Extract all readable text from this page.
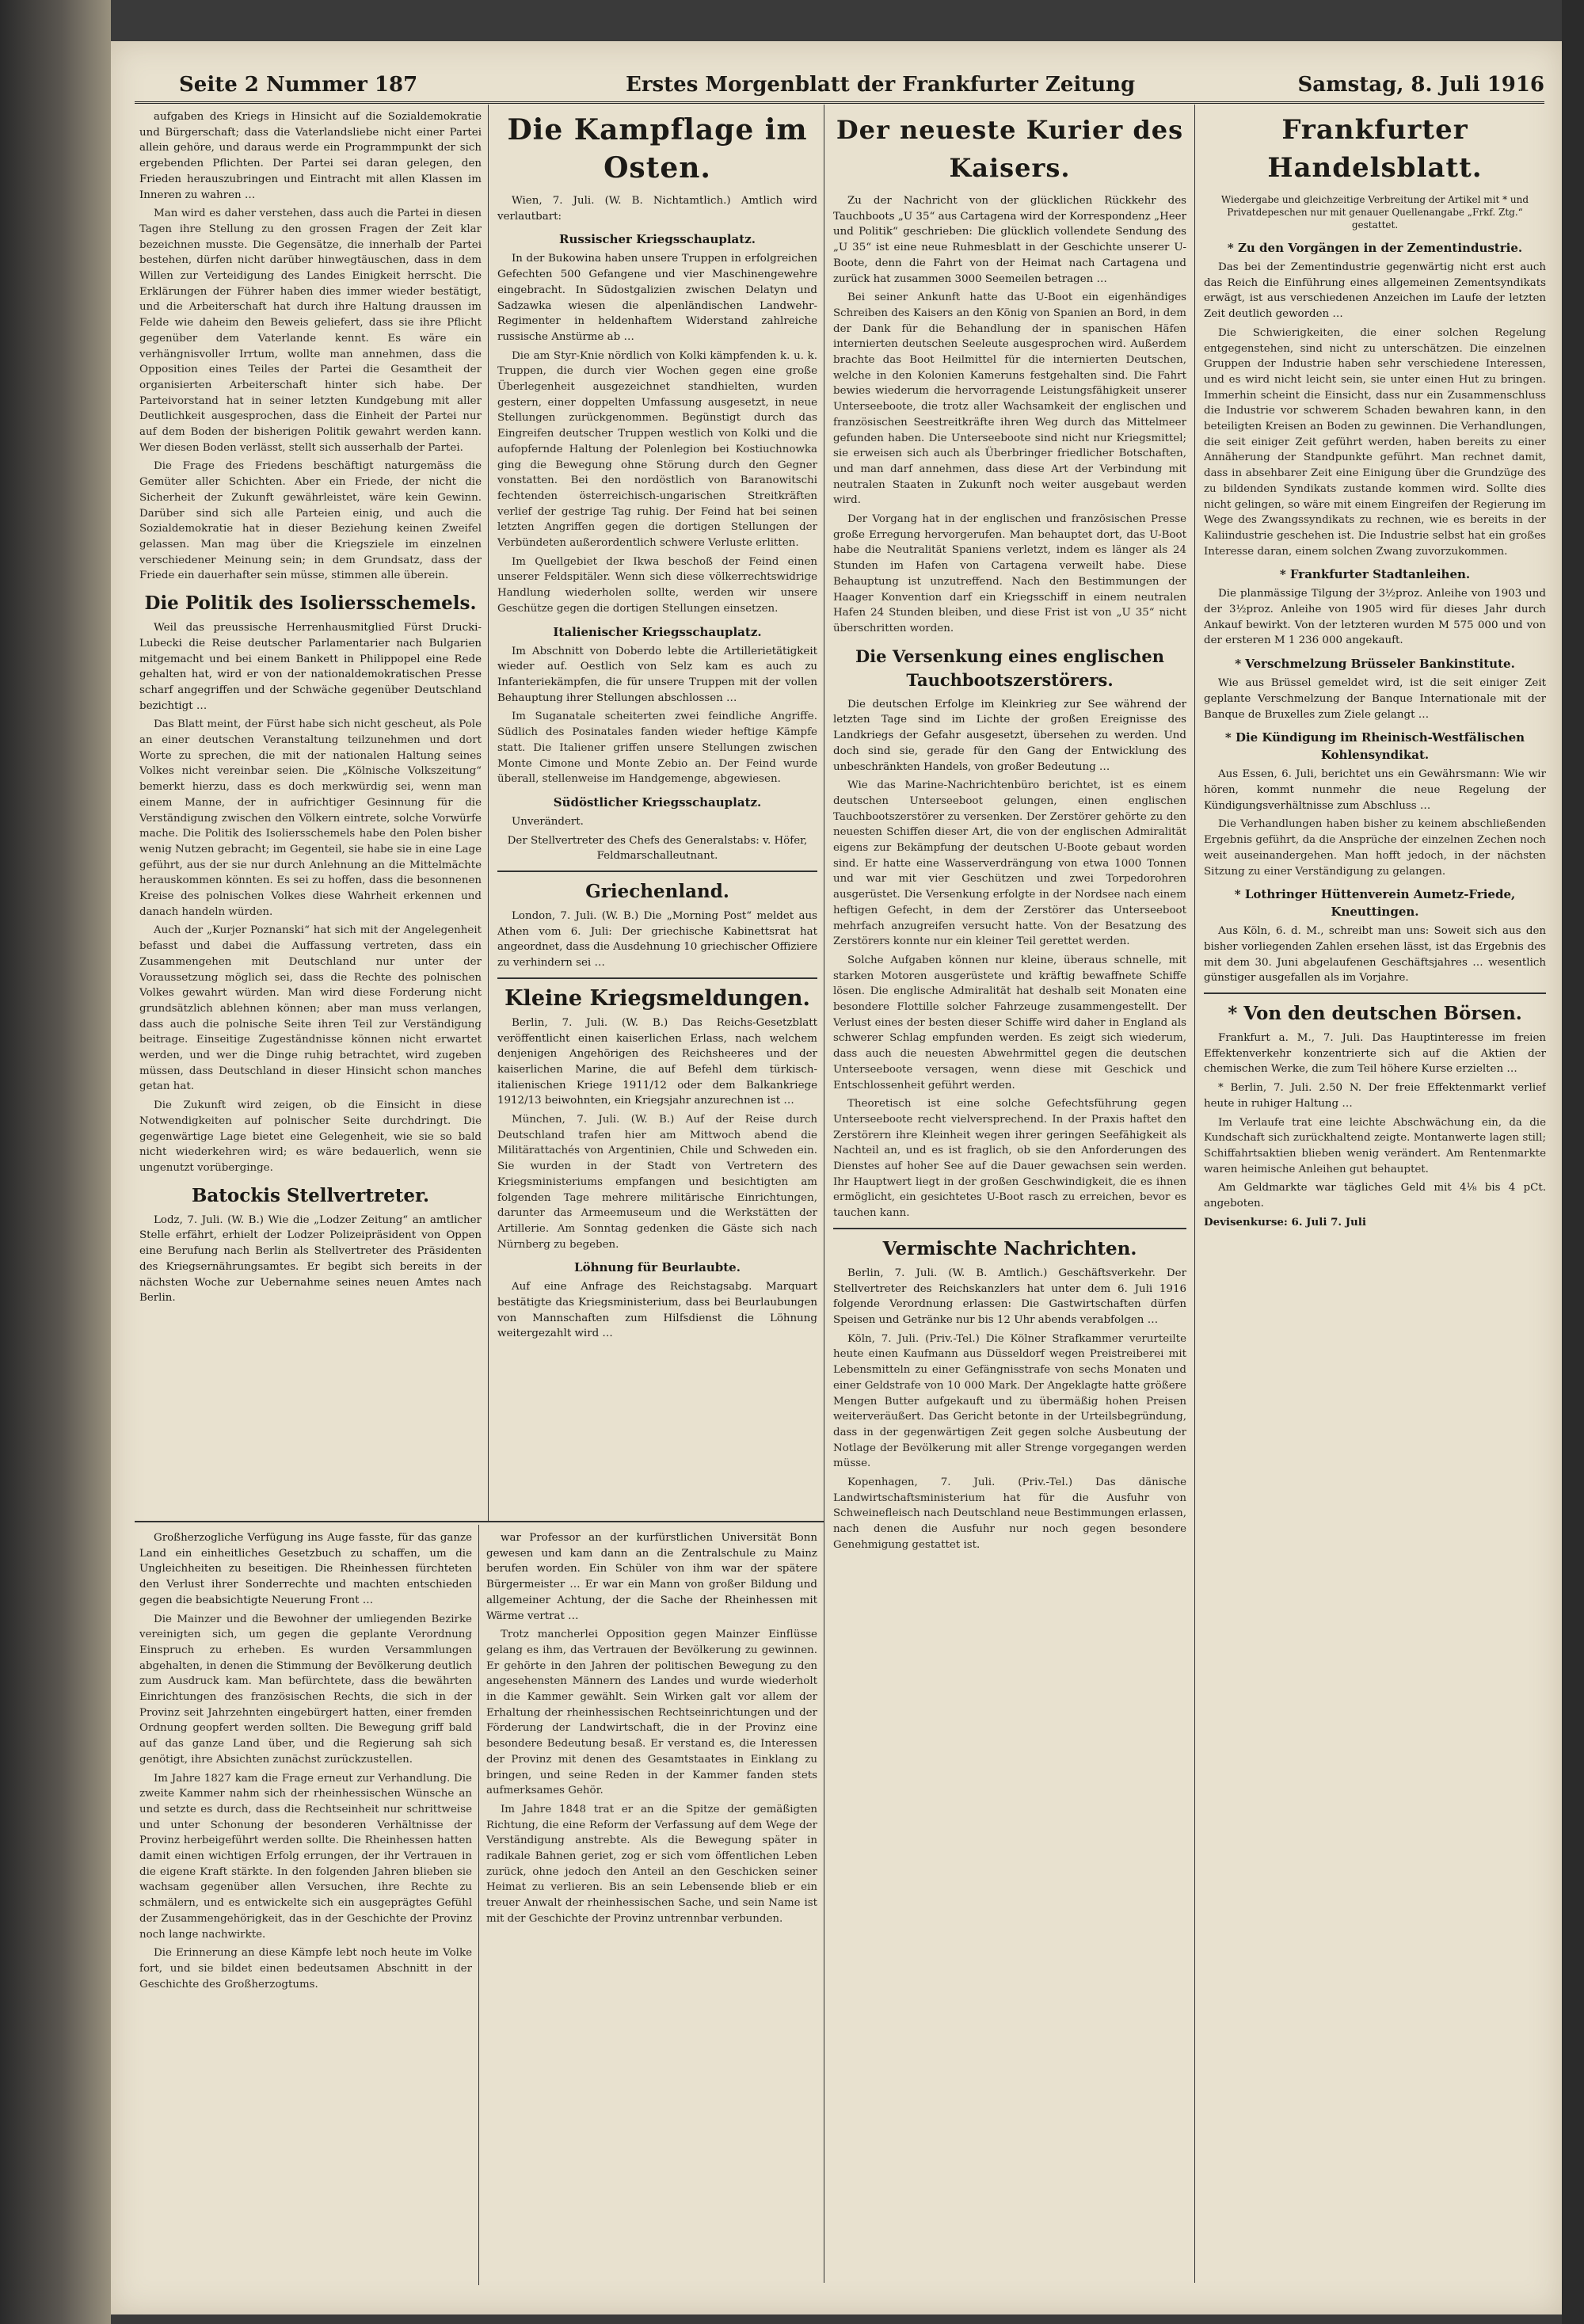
Seite 2 Nummer 187	Erstes Morgenblatt der Frankfurter Zeitung	Samstag, 8. Juli 1916

aufgaben des Kriegs in Hinsicht auf die Sozialdemokratie und Bürgerschaft; dass die Vaterlandsliebe nicht einer Partei allein gehöre, und daraus werde ein Programmpunkt der sich ergebenden Pflichten. Der Partei sei daran gelegen, den Frieden herauszubringen und Eintracht mit allen Klassen im Inneren zu wahren …

Man wird es daher verstehen, dass auch die Partei in diesen Tagen ihre Stellung zu den grossen Fragen der Zeit klar bezeichnen musste. Die Gegensätze, die innerhalb der Partei bestehen, dürfen nicht darüber hinwegtäuschen, dass in dem Willen zur Verteidigung des Landes Einigkeit herrscht. Die Erklärungen der Führer haben dies immer wieder bestätigt, und die Arbeiterschaft hat durch ihre Haltung draussen im Felde wie daheim den Beweis geliefert, dass sie ihre Pflicht gegenüber dem Vaterlande kennt. Es wäre ein verhängnisvoller Irrtum, wollte man annehmen, dass die Opposition eines Teiles der Partei die Gesamtheit der organisierten Arbeiterschaft hinter sich habe. Der Parteivorstand hat in seiner letzten Kundgebung mit aller Deutlichkeit ausgesprochen, dass die Einheit der Partei nur auf dem Boden der bisherigen Politik gewahrt werden kann. Wer diesen Boden verlässt, stellt sich ausserhalb der Partei.

Die Frage des Friedens beschäftigt naturgemäss die Gemüter aller Schichten. Aber ein Friede, der nicht die Sicherheit der Zukunft gewährleistet, wäre kein Gewinn. Darüber sind sich alle Parteien einig, und auch die Sozialdemokratie hat in dieser Beziehung keinen Zweifel gelassen. Man mag über die Kriegsziele im einzelnen verschiedener Meinung sein; in dem Grundsatz, dass der Friede ein dauerhafter sein müsse, stimmen alle überein.

Die Politik des Isoliersschemels.

Weil das preussische Herrenhausmitglied Fürst Drucki-Lubecki die Reise deutscher Parlamentarier nach Bulgarien mitgemacht und bei einem Bankett in Philippopel eine Rede gehalten hat, wird er von der nationaldemokratischen Presse scharf angegriffen und der Schwäche gegenüber Deutschland bezichtigt …

Das Blatt meint, der Fürst habe sich nicht gescheut, als Pole an einer deutschen Veranstaltung teilzunehmen und dort Worte zu sprechen, die mit der nationalen Haltung seines Volkes nicht vereinbar seien. Die „Kölnische Volkszeitung“ bemerkt hierzu, dass es doch merkwürdig sei, wenn man einem Manne, der in aufrichtiger Gesinnung für die Verständigung zwischen den Völkern eintrete, solche Vorwürfe mache. Die Politik des Isoliersschemels habe den Polen bisher wenig Nutzen gebracht; im Gegenteil, sie habe sie in eine Lage geführt, aus der sie nur durch Anlehnung an die Mittelmächte herauskommen könnten. Es sei zu hoffen, dass die besonnenen Kreise des polnischen Volkes diese Wahrheit erkennen und danach handeln würden.

Auch der „Kurjer Poznanski“ hat sich mit der Angelegenheit befasst und dabei die Auffassung vertreten, dass ein Zusammengehen mit Deutschland nur unter der Voraussetzung möglich sei, dass die Rechte des polnischen Volkes gewahrt würden. Man wird diese Forderung nicht grundsätzlich ablehnen können; aber man muss verlangen, dass auch die polnische Seite ihren Teil zur Verständigung beitrage. Einseitige Zugeständnisse können nicht erwartet werden, und wer die Dinge ruhig betrachtet, wird zugeben müssen, dass Deutschland in dieser Hinsicht schon manches getan hat.

Die Zukunft wird zeigen, ob die Einsicht in diese Notwendigkeiten auf polnischer Seite durchdringt. Die gegenwärtige Lage bietet eine Gelegenheit, wie sie so bald nicht wiederkehren wird; es wäre bedauerlich, wenn sie ungenutzt vorüberginge.

Batockis Stellvertreter.

Lodz, 7. Juli. (W. B.) Wie die „Lodzer Zeitung“ an amtlicher Stelle erfährt, erhielt der Lodzer Polizeipräsident von Oppen eine Berufung nach Berlin als Stellvertreter des Präsidenten des Kriegsernährungsamtes. Er begibt sich bereits in der nächsten Woche zur Uebernahme seines neuen Amtes nach Berlin.

Die Kampflage im Osten.

Wien, 7. Juli. (W. B. Nichtamtlich.) Amtlich wird verlautbart:

Russischer Kriegsschauplatz.

In der Bukowina haben unsere Truppen in erfolgreichen Gefechten 500 Gefangene und vier Maschinengewehre eingebracht. In Südostgalizien zwischen Delatyn und Sadzawka wiesen die alpenländischen Landwehr-Regimenter in heldenhaftem Widerstand zahlreiche russische Anstürme ab …

Die am Styr-Knie nördlich von Kolki kämpfenden k. u. k. Truppen, die durch vier Wochen gegen eine große Überlegenheit ausgezeichnet standhielten, wurden gestern, einer doppelten Umfassung ausgesetzt, in neue Stellungen zurückgenommen. Begünstigt durch das Eingreifen deutscher Truppen westlich von Kolki und die aufopfernde Haltung der Polenlegion bei Kostiuchnowka ging die Bewegung ohne Störung durch den Gegner vonstatten. Bei den nordöstlich von Baranowitschi fechtenden österreichisch-ungarischen Streitkräften verlief der gestrige Tag ruhig. Der Feind hat bei seinen letzten Angriffen gegen die dortigen Stellungen der Verbündeten außerordentlich schwere Verluste erlitten.

Im Quellgebiet der Ikwa beschoß der Feind einen unserer Feldspitäler. Wenn sich diese völkerrechtswidrige Handlung wiederholen sollte, werden wir unsere Geschütze gegen die dortigen Stellungen einsetzen.

Italienischer Kriegsschauplatz.

Im Abschnitt von Doberdo lebte die Artillerietätigkeit wieder auf. Oestlich von Selz kam es auch zu Infanteriekämpfen, die für unsere Truppen mit der vollen Behauptung ihrer Stellungen abschlossen …

Im Suganatale scheiterten zwei feindliche Angriffe. Südlich des Posinatales fanden wieder heftige Kämpfe statt. Die Italiener griffen unsere Stellungen zwischen Monte Cimone und Monte Zebio an. Der Feind wurde überall, stellenweise im Handgemenge, abgewiesen.

Südöstlicher Kriegsschauplatz.

Unverändert.

Der Stellvertreter des Chefs des Generalstabs: v. Höfer, Feldmarschalleutnant.

Griechenland.

London, 7. Juli. (W. B.) Die „Morning Post“ meldet aus Athen vom 6. Juli: Der griechische Kabinettsrat hat angeordnet, dass die Ausdehnung 10 griechischer Offiziere zu verhindern sei …

Kleine Kriegsmeldungen.

Berlin, 7. Juli. (W. B.) Das Reichs-Gesetzblatt veröffentlicht einen kaiserlichen Erlass, nach welchem denjenigen Angehörigen des Reichsheeres und der kaiserlichen Marine, die auf Befehl dem türkisch-italienischen Kriege 1911/12 oder dem Balkankriege 1912/13 beiwohnten, ein Kriegsjahr anzurechnen ist …

München, 7. Juli. (W. B.) Auf der Reise durch Deutschland trafen hier am Mittwoch abend die Militärattachés von Argentinien, Chile und Schweden ein. Sie wurden in der Stadt von Vertretern des Kriegsministeriums empfangen und besichtigten am folgenden Tage mehrere militärische Einrichtungen, darunter das Armeemuseum und die Werkstätten der Artillerie. Am Sonntag gedenken die Gäste sich nach Nürnberg zu begeben.

Löhnung für Beurlaubte.

Auf eine Anfrage des Reichstagsabg. Marquart bestätigte das Kriegsministerium, dass bei Beurlaubungen von Mannschaften zum Hilfsdienst die Löhnung weitergezahlt wird …

Der neueste Kurier des Kaisers.

Zu der Nachricht von der glücklichen Rückkehr des Tauchboots „U 35“ aus Cartagena wird der Korrespondenz „Heer und Politik“ geschrieben: Die glücklich vollendete Sendung des „U 35“ ist eine neue Ruhmesblatt in der Geschichte unserer U-Boote, denn die Fahrt von der Heimat nach Cartagena und zurück hat zusammen 3000 Seemeilen betragen …

Bei seiner Ankunft hatte das U-Boot ein eigenhändiges Schreiben des Kaisers an den König von Spanien an Bord, in dem der Dank für die Behandlung der in spanischen Häfen internierten deutschen Seeleute ausgesprochen wird. Außerdem brachte das Boot Heilmittel für die internierten Deutschen, welche in den Kolonien Kameruns festgehalten sind. Die Fahrt bewies wiederum die hervorragende Leistungsfähigkeit unserer Unterseeboote, die trotz aller Wachsamkeit der englischen und französischen Seestreitkräfte ihren Weg durch das Mittelmeer gefunden haben. Die Unterseeboote sind nicht nur Kriegsmittel; sie erweisen sich auch als Überbringer friedlicher Botschaften, und man darf annehmen, dass diese Art der Verbindung mit neutralen Staaten in Zukunft noch weiter ausgebaut werden wird.

Der Vorgang hat in der englischen und französischen Presse große Erregung hervorgerufen. Man behauptet dort, das U-Boot habe die Neutralität Spaniens verletzt, indem es länger als 24 Stunden im Hafen von Cartagena verweilt habe. Diese Behauptung ist unzutreffend. Nach den Bestimmungen der Haager Konvention darf ein Kriegsschiff in einem neutralen Hafen 24 Stunden bleiben, und diese Frist ist von „U 35“ nicht überschritten worden.

Die Versenkung eines englischen Tauchbootszerstörers.

Die deutschen Erfolge im Kleinkrieg zur See während der letzten Tage sind im Lichte der großen Ereignisse des Landkriegs der Gefahr ausgesetzt, übersehen zu werden. Und doch sind sie, gerade für den Gang der Entwicklung des unbeschränkten Handels, von großer Bedeutung …

Wie das Marine-Nachrichtenbüro berichtet, ist es einem deutschen Unterseeboot gelungen, einen englischen Tauchbootszerstörer zu versenken. Der Zerstörer gehörte zu den neuesten Schiffen dieser Art, die von der englischen Admiralität eigens zur Bekämpfung der deutschen U-Boote gebaut worden sind. Er hatte eine Wasserverdrängung von etwa 1000 Tonnen und war mit vier Geschützen und zwei Torpedorohren ausgerüstet. Die Versenkung erfolgte in der Nordsee nach einem heftigen Gefecht, in dem der Zerstörer das Unterseeboot mehrfach anzugreifen versucht hatte. Von der Besatzung des Zerstörers konnte nur ein kleiner Teil gerettet werden.

Solche Aufgaben können nur kleine, überaus schnelle, mit starken Motoren ausgerüstete und kräftig bewaffnete Schiffe lösen. Die englische Admiralität hat deshalb seit Monaten eine besondere Flottille solcher Fahrzeuge zusammengestellt. Der Verlust eines der besten dieser Schiffe wird daher in England als schwerer Schlag empfunden werden. Es zeigt sich wiederum, dass auch die neuesten Abwehrmittel gegen die deutschen Unterseeboote versagen, wenn diese mit Geschick und Entschlossenheit geführt werden.

Theoretisch ist eine solche Gefechtsführung gegen Unterseeboote recht vielversprechend. In der Praxis haftet den Zerstörern ihre Kleinheit wegen ihrer geringen Seefähigkeit als Nachteil an, und es ist fraglich, ob sie den Anforderungen des Dienstes auf hoher See auf die Dauer gewachsen sein werden. Ihr Hauptwert liegt in der großen Geschwindigkeit, die es ihnen ermöglicht, ein gesichtetes U-Boot rasch zu erreichen, bevor es tauchen kann.

Vermischte Nachrichten.

Berlin, 7. Juli. (W. B. Amtlich.) Geschäftsverkehr. Der Stellvertreter des Reichskanzlers hat unter dem 6. Juli 1916 folgende Verordnung erlassen: Die Gastwirtschaften dürfen Speisen und Getränke nur bis 12 Uhr abends verabfolgen …

Köln, 7. Juli. (Priv.-Tel.) Die Kölner Strafkammer verurteilte heute einen Kaufmann aus Düsseldorf wegen Preistreiberei mit Lebensmitteln zu einer Gefängnisstrafe von sechs Monaten und einer Geldstrafe von 10 000 Mark. Der Angeklagte hatte größere Mengen Butter aufgekauft und zu übermäßig hohen Preisen weiterveräußert. Das Gericht betonte in der Urteilsbegründung, dass in der gegenwärtigen Zeit gegen solche Ausbeutung der Notlage der Bevölkerung mit aller Strenge vorgegangen werden müsse.

Kopenhagen, 7. Juli. (Priv.-Tel.) Das dänische Landwirtschaftsministerium hat für die Ausfuhr von Schweinefleisch nach Deutschland neue Bestimmungen erlassen, nach denen die Ausfuhr nur noch gegen besondere Genehmigung gestattet ist.

Frankfurter Handelsblatt.
Wiedergabe und gleichzeitige Verbreitung der Artikel mit * und Privatdepeschen nur mit genauer Quellenangabe „Frkf. Ztg.“ gestattet.
* Zu den Vorgängen in der Zementindustrie.

Das bei der Zementindustrie gegenwärtig nicht erst auch das Reich die Einführung eines allgemeinen Zementsyndikats erwägt, ist aus verschiedenen Anzeichen im Laufe der letzten Zeit deutlich geworden …

Die Schwierigkeiten, die einer solchen Regelung entgegenstehen, sind nicht zu unterschätzen. Die einzelnen Gruppen der Industrie haben sehr verschiedene Interessen, und es wird nicht leicht sein, sie unter einen Hut zu bringen. Immerhin scheint die Einsicht, dass nur ein Zusammenschluss die Industrie vor schwerem Schaden bewahren kann, in den beteiligten Kreisen an Boden zu gewinnen. Die Verhandlungen, die seit einiger Zeit geführt werden, haben bereits zu einer Annäherung der Standpunkte geführt. Man rechnet damit, dass in absehbarer Zeit eine Einigung über die Grundzüge des zu bildenden Syndikats zustande kommen wird. Sollte dies nicht gelingen, so wäre mit einem Eingreifen der Regierung im Wege des Zwangssyndikats zu rechnen, wie es bereits in der Kaliindustrie geschehen ist. Die Industrie selbst hat ein großes Interesse daran, einem solchen Zwang zuvorzukommen.

* Frankfurter Stadtanleihen.

Die planmässige Tilgung der 3½proz. Anleihe von 1903 und der 3½proz. Anleihe von 1905 wird für dieses Jahr durch Ankauf bewirkt. Von der letzteren wurden M 575 000 und von der ersteren M 1 236 000 angekauft.

* Verschmelzung Brüsseler Bankinstitute.

Wie aus Brüssel gemeldet wird, ist die seit einiger Zeit geplante Verschmelzung der Banque Internationale mit der Banque de Bruxelles zum Ziele gelangt …

* Die Kündigung im Rheinisch-Westfälischen Kohlensyndikat.

Aus Essen, 6. Juli, berichtet uns ein Gewährsmann: Wie wir hören, kommt nunmehr die neue Regelung der Kündigungsverhältnisse zum Abschluss …

Die Verhandlungen haben bisher zu keinem abschließenden Ergebnis geführt, da die Ansprüche der einzelnen Zechen noch weit auseinandergehen. Man hofft jedoch, in der nächsten Sitzung zu einer Verständigung zu gelangen.

* Lothringer Hüttenverein Aumetz-Friede, Kneuttingen.

Aus Köln, 6. d. M., schreibt man uns: Soweit sich aus den bisher vorliegenden Zahlen ersehen lässt, ist das Ergebnis des mit dem 30. Juni abgelaufenen Geschäftsjahres … wesentlich günstiger ausgefallen als im Vorjahre.

* Von den deutschen Börsen.

Frankfurt a. M., 7. Juli. Das Hauptinteresse im freien Effektenverkehr konzentrierte sich auf die Aktien der chemischen Werke, die zum Teil höhere Kurse erzielten …

* Berlin, 7. Juli. 2.50 N. Der freie Effektenmarkt verlief heute in ruhiger Haltung …

Im Verlaufe trat eine leichte Abschwächung ein, da die Kundschaft sich zurückhaltend zeigte. Montanwerte lagen still; Schiffahrtsaktien blieben wenig verändert. Am Rentenmarkte waren heimische Anleihen gut behauptet.

Am Geldmarkte war tägliches Geld mit 4⅛ bis 4 pCt. angeboten.

Devisenkurse: 6. Juli 7. Juli

Großherzogliche Verfügung ins Auge fasste, für das ganze Land ein einheitliches Gesetzbuch zu schaffen, um die Ungleichheiten zu beseitigen. Die Rheinhessen fürchteten den Verlust ihrer Sonderrechte und machten entschieden gegen die beabsichtigte Neuerung Front …

Die Mainzer und die Bewohner der umliegenden Bezirke vereinigten sich, um gegen die geplante Verordnung Einspruch zu erheben. Es wurden Versammlungen abgehalten, in denen die Stimmung der Bevölkerung deutlich zum Ausdruck kam. Man befürchtete, dass die bewährten Einrichtungen des französischen Rechts, die sich in der Provinz seit Jahrzehnten eingebürgert hatten, einer fremden Ordnung geopfert werden sollten. Die Bewegung griff bald auf das ganze Land über, und die Regierung sah sich genötigt, ihre Absichten zunächst zurückzustellen.

Im Jahre 1827 kam die Frage erneut zur Verhandlung. Die zweite Kammer nahm sich der rheinhessischen Wünsche an und setzte es durch, dass die Rechtseinheit nur schrittweise und unter Schonung der besonderen Verhältnisse der Provinz herbeigeführt werden sollte. Die Rheinhessen hatten damit einen wichtigen Erfolg errungen, der ihr Vertrauen in die eigene Kraft stärkte. In den folgenden Jahren blieben sie wachsam gegenüber allen Versuchen, ihre Rechte zu schmälern, und es entwickelte sich ein ausgeprägtes Gefühl der Zusammengehörigkeit, das in der Geschichte der Provinz noch lange nachwirkte.

Die Erinnerung an diese Kämpfe lebt noch heute im Volke fort, und sie bildet einen bedeutsamen Abschnitt in der Geschichte des Großherzogtums.

war Professor an der kurfürstlichen Universität Bonn gewesen und kam dann an die Zentralschule zu Mainz berufen worden. Ein Schüler von ihm war der spätere Bürgermeister … Er war ein Mann von großer Bildung und allgemeiner Achtung, der die Sache der Rheinhessen mit Wärme vertrat …

Trotz mancherlei Opposition gegen Mainzer Einflüsse gelang es ihm, das Vertrauen der Bevölkerung zu gewinnen. Er gehörte in den Jahren der politischen Bewegung zu den angesehensten Männern des Landes und wurde wiederholt in die Kammer gewählt. Sein Wirken galt vor allem der Erhaltung der rheinhessischen Rechtseinrichtungen und der Förderung der Landwirtschaft, die in der Provinz eine besondere Bedeutung besaß. Er verstand es, die Interessen der Provinz mit denen des Gesamtstaates in Einklang zu bringen, und seine Reden in der Kammer fanden stets aufmerksames Gehör.

Im Jahre 1848 trat er an die Spitze der gemäßigten Richtung, die eine Reform der Verfassung auf dem Wege der Verständigung anstrebte. Als die Bewegung später in radikale Bahnen geriet, zog er sich vom öffentlichen Leben zurück, ohne jedoch den Anteil an den Geschicken seiner Heimat zu verlieren. Bis an sein Lebensende blieb er ein treuer Anwalt der rheinhessischen Sache, und sein Name ist mit der Geschichte der Provinz untrennbar verbunden.
